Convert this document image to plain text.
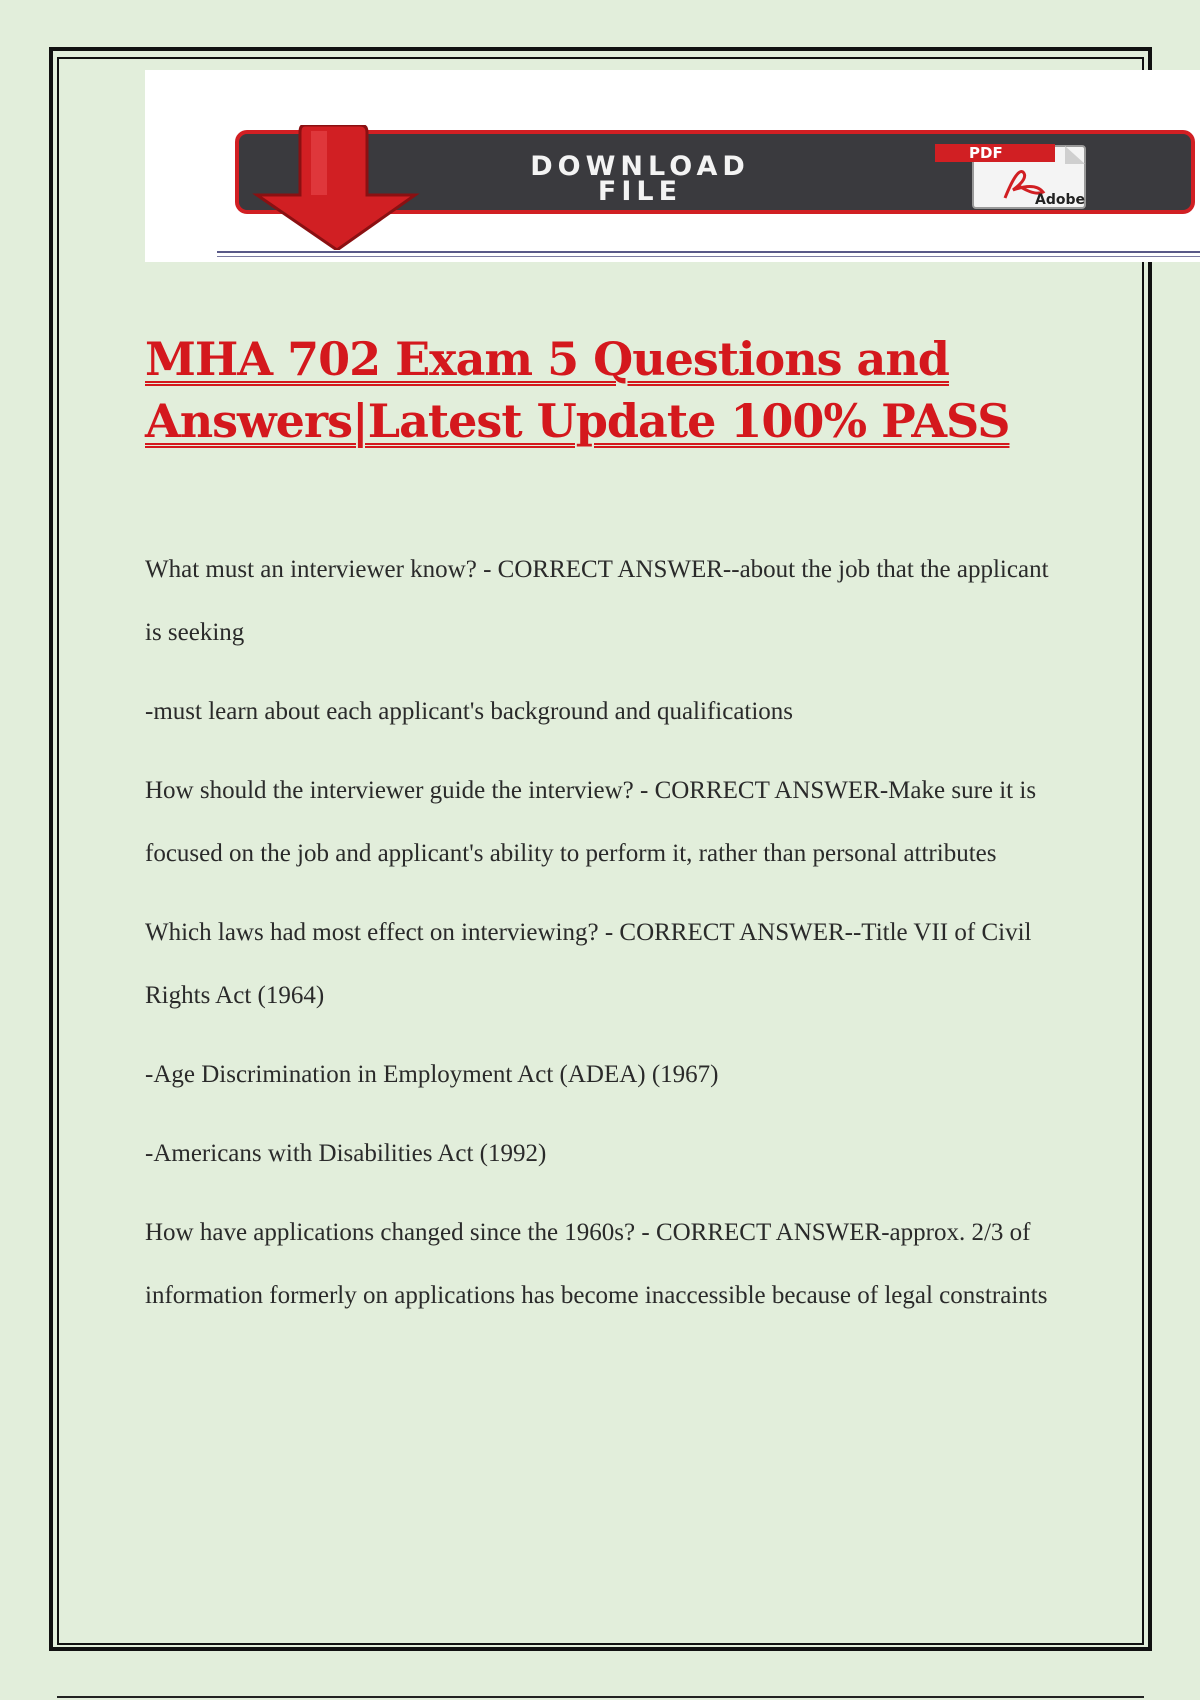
DOWNLOAD
FILE
PDF
Adobe
MHA 702 Exam 5 Questions and Answers|Latest Update 100% PASS

What must an interviewer know? - CORRECT ANSWER--about the job that the applicant is seeking

-must learn about each applicant's background and qualifications

How should the interviewer guide the interview? - CORRECT ANSWER-Make sure it is focused on the job and applicant's ability to perform it, rather than personal attributes

Which laws had most effect on interviewing? - CORRECT ANSWER--Title VII of Civil Rights Act (1964)

-Age Discrimination in Employment Act (ADEA) (1967)

-Americans with Disabilities Act (1992)

How have applications changed since the 1960s? - CORRECT ANSWER-approx. 2/3 of information formerly on applications has become inaccessible because of legal constraints
